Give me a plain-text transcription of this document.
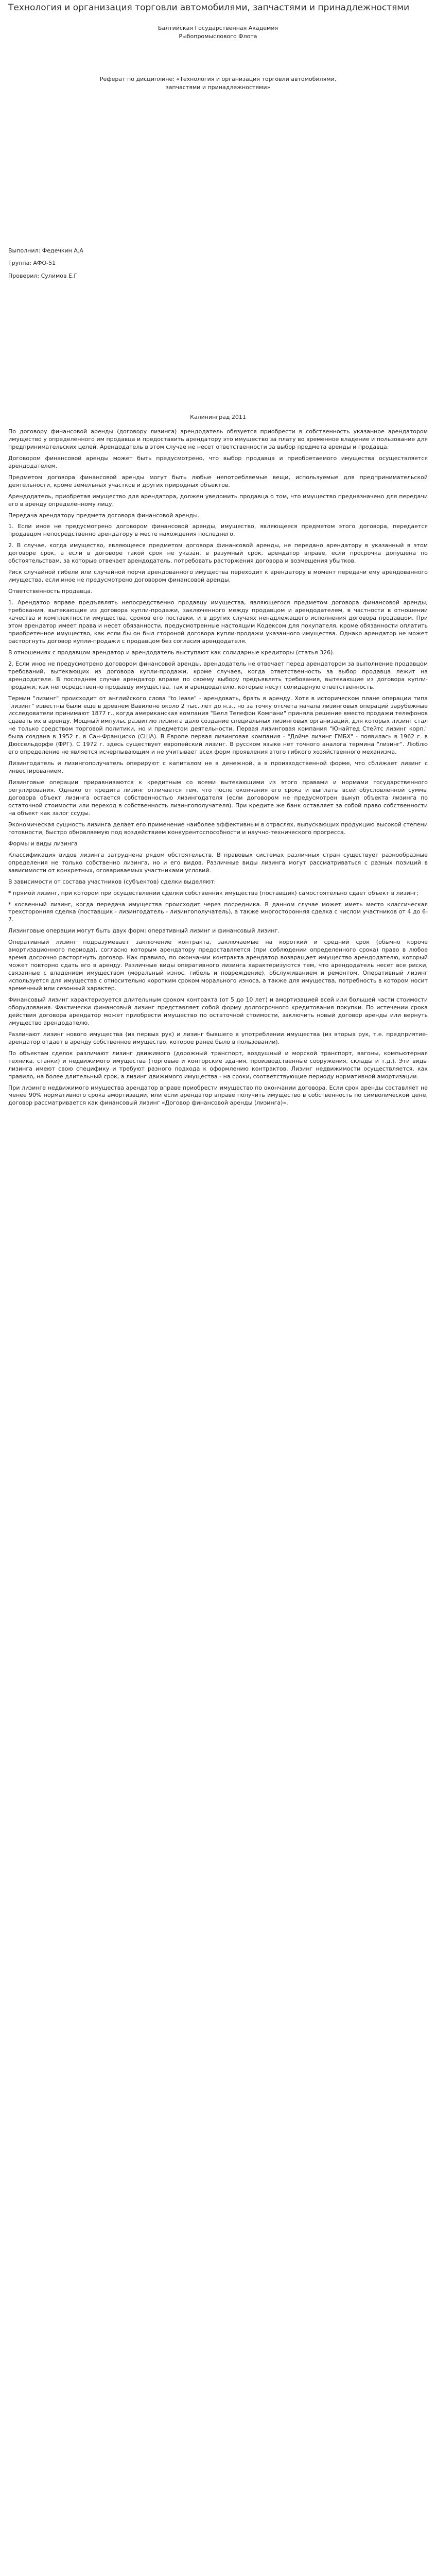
Технология и организация торговли автомобилями, запчастями и принадлежностями

Балтийская Государственная Академия

Рыбопромыслового Флота

Реферат по дисциплине: «Технология и организация торговли автомобилями,

запчастями и принадлежностями»

Выполнил: Федечкин А.А

Группа: АФО-51

Проверил: Сулимов Е.Г

Калининград 2011

По договору финансовой аренды (договору лизинга) арендодатель обязуется приобрести в собственность указанное арендатором имущество у определенного им продавца и предоставить арендатору это имущество за плату во временное владение и пользование для предпринимательских целей. Арендодатель в этом случае не несет ответственности за выбор предмета аренды и продавца.

Договором финансовой аренды может быть предусмотрено, что выбор продавца и приобретаемого имущества осуществляется арендодателем.

Предметом договора финансовой аренды могут быть любые непотребляемые вещи, используемые для предпринимательской деятельности, кроме земельных участков и других природных объектов.

Арендодатель, приобретая имущество для арендатора, должен уведомить продавца о том, что имущество предназначено для передачи его в аренду определенному лицу.

Передача арендатору предмета договора финансовой аренды.

1. Если иное не предусмотрено договором финансовой аренды, имущество, являющееся предметом этого договора, передается продавцом непосредственно арендатору в месте нахождения последнего.

2. В случае, когда имущество, являющееся предметом договора финансовой аренды, не передано арендатору в указанный в этом договоре срок, а если в договоре такой срок не указан, в разумный срок, арендатор вправе, если просрочка допущена по обстоятельствам, за которые отвечает арендодатель, потребовать расторжения договора и возмещения убытков.

Риск случайной гибели или случайной порчи арендованного имущества переходит к арендатору в момент передачи ему арендованного имущества, если иное не предусмотрено договором финансовой аренды.

Ответственность продавца.

1. Арендатор вправе предъявлять непосредственно продавцу имущества, являющегося предметом договора финансовой аренды, требования, вытекающие из договора купли-продажи, заключенного между продавцом и арендодателем, в частности в отношении качества и комплектности имущества, сроков его поставки, и в других случаях ненадлежащего исполнения договора продавцом. При этом арендатор имеет права и несет обязанности, предусмотренные настоящим Кодексом для покупателя, кроме обязанности оплатить приобретенное имущество, как если бы он был стороной договора купли-продажи указанного имущества. Однако арендатор не может расторгнуть договор купли-продажи с продавцом без согласия арендодателя.

В отношениях с продавцом арендатор и арендодатель выступают как солидарные кредиторы (статья 326).

2. Если иное не предусмотрено договором финансовой аренды, арендодатель не отвечает перед арендатором за выполнение продавцом требований, вытекающих из договора купли-продажи, кроме случаев, когда ответственность за выбор продавца лежит на арендодателе. В последнем случае арендатор вправе по своему выбору предъявлять требования, вытекающие из договора купли-продажи, как непосредственно продавцу имущества, так и арендодателю, которые несут солидарную ответственность.

Термин "лизинг" происходит от английского слова "to lease" - арендовать, брать в аренду. Хотя в историческом плане операции типа "лизинг" известны были еще в древнем Вавилоне около 2 тыс. лет до н.э., но за точку отсчета начала лизинговых операций зарубежные исследователи принимают 1877 г., когда американская компания "Белл Телефон Компани" приняла решение вместо продажи телефонов сдавать их в аренду. Мощный импульс развитию лизинга дало создание специальных лизинговых организаций, для которых лизинг стал не только средством торговой политики, но и предметом деятельности. Первая лизинговая компания "Юнайтед Стейтс лизинг корп." была создана в 1952 г. в Сан-Франциско (США). В Европе первая лизинговая компания - "Дойче лизинг ГМБХ" - появилась в 1962 г. в Дюссельдорфе (ФРГ). С 1972 г. здесь существует европейский лизинг. В русском языке нет точного аналога термина "лизинг". Люблю его определение не является исчерпывающим и не учитывает всех форм проявления этого гибкого хозяйственного механизма.

Лизингодатель и лизингополучатель оперируют с капиталом не в денежной, а в производственной форме, что сближает лизинг с инвестированием.

Лизинговые операции приравниваются к кредитным со всеми вытекающими из этого правами и нормами государственного регулирования. Однако от кредита лизинг отличается тем, что после окончания его срока и выплаты всей обусловленной суммы договора объект лизинга остается собственностью лизингодателя (если договором не предусмотрен выкуп объекта лизинга по остаточной стоимости или переход в собственность лизингополучателя). При кредите же банк оставляет за собой право собственности на объект как залог ссуды.

Экономическая сущность лизинга делает его применение наиболее эффективным в отраслях, выпускающих продукцию высокой степени готовности, быстро обновляемую под воздействием конкурентоспособности и научно-технического прогресса.

Формы и виды лизинга

Классификация видов лизинга затруднена рядом обстоятельств. В правовых системах различных стран существует разнообразные определения не только собственно лизинга, но и его видов. Различные виды лизинга могут рассматриваться с разных позиций в зависимости от конкретных, оговариваемых участниками условий.

В зависимости от состава участников (субъектов) сделки выделяют:

* прямой лизинг, при котором при осуществлении сделки собственник имущества (поставщик) самостоятельно сдает объект в лизинг;

* косвенный лизинг, когда передача имущества происходит через посредника. В данном случае может иметь место классическая трехсторонняя сделка (поставщик - лизингодатель - лизингополучатель), а также многосторонняя сделка с числом участников от 4 до 6-7.

Лизинговые операции могут быть двух форм: оперативный лизинг и финансовый лизинг.

Оперативный лизинг подразумевает заключение контракта, заключаемые на короткий и средний срок (обычно короче амортизационного периода), согласно которым арендатору предоставляется (при соблюдении определенного срока) право в любое время досрочно расторгнуть договор. Как правило, по окончании контракта арендатор возвращает имущество арендодателю, который может повторно сдать его в аренду. Различные виды оперативного лизинга характеризуются тем, что арендодатель несет все риски, связанные с владением имуществом (моральный износ, гибель и повреждение), обслуживанием и ремонтом. Оперативный лизинг используется для имущества с относительно коротким сроком морального износа, а также для имущества, потребность в котором носит временный или сезонный характер.

Финансовый лизинг характеризуется длительным сроком контракта (от 5 до 10 лет) и амортизацией всей или большей части стоимости оборудования. Фактически финансовый лизинг представляет собой форму долгосрочного кредитования покупки. По истечении срока действия договора арендатор может приобрести имущество по остаточной стоимости, заключить новый договор аренды или вернуть имущество арендодателю.

Различают лизинг нового имущества (из первых рук) и лизинг бывшего в употреблении имущества (из вторых рук, т.е. предприятие-арендатор отдает в аренду собственное имущество, которое ранее было в пользовании).

По объектам сделок различают лизинг движимого (дорожный транспорт, воздушный и морской транспорт, вагоны, компьютерная техника, станки) и недвижимого имущества (торговые и конторские здания, производственные сооружения, склады и т.д.). Эти виды лизинга имеют свою специфику и требуют разного подхода к оформлению контрактов. Лизинг недвижимости осуществляется, как правило, на более длительный срок, а лизинг движимого имущества - на сроки, соответствующие периоду нормативной амортизации.

При лизинге недвижимого имущества арендатор вправе приобрести имущество по окончании договора. Если срок аренды составляет не менее 90% нормативного срока амортизации, или если арендатор вправе получить имущество в собственность по символической цене, договор рассматривается как финансовый лизинг «Договор финансовой аренды (лизинга)».
